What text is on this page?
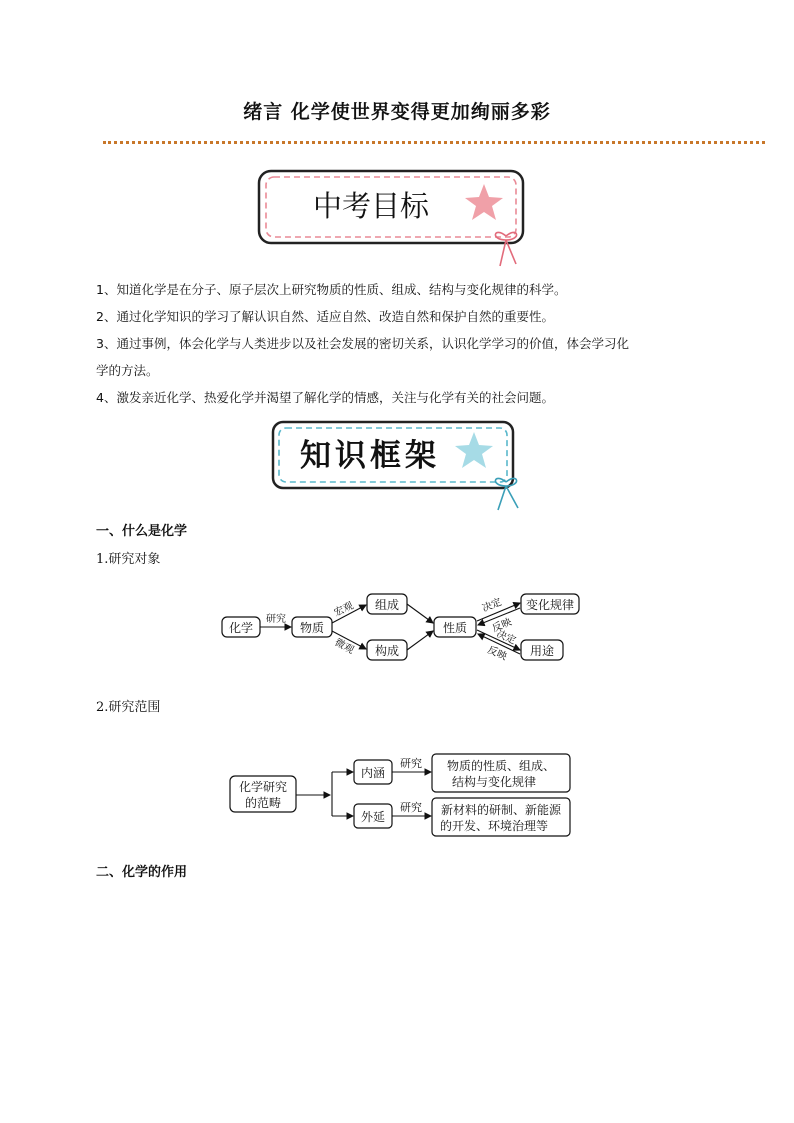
绪言 化学使世界变得更加绚丽多彩
中考目标

1、知道化学是在分子、原子层次上研究物质的性质、组成、结构与变化规律的科学。

2、通过化学知识的学习了解认识自然、适应自然、改造自然和保护自然的重要性。

3、通过事例，体会化学与人类进步以及社会发展的密切关系，认识化学学习的价值，体会学习化

学的方法。

4、激发亲近化学、热爱化学并渴望了解化学的情感，关注与化学有关的社会问题。

知识框架
一、什么是化学
1.研究对象
化学	物质
组成
构成
性质
变化规律
用途
研究
宏观
微观
决定
反映
决定
反映
2.研究范围
化学研究
的范畴
内涵
外延
物质的性质、组成、
结构与变化规律
新材料的研制、新能源
的开发、环境治理等
研究
研究
二、化学的作用
